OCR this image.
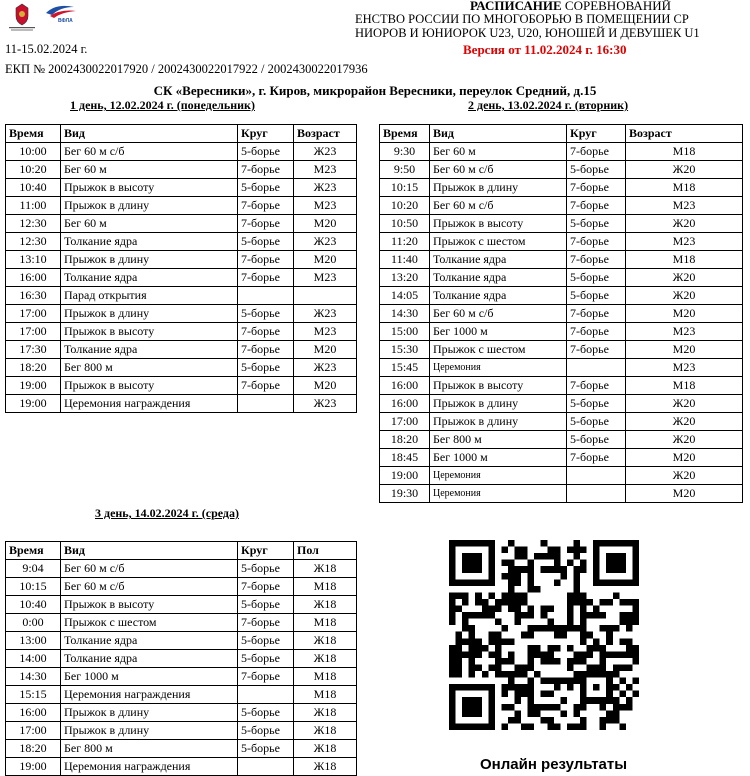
ВФЛА
РАСПИСАНИЕ СОРЕВНОВАНИЙ
ЕНСТВО РОССИИ ПО МНОГОБОРЬЮ В ПОМЕЩЕНИИ СР
НИОРОВ И ЮНИОРОК U23, U20, ЮНОШЕЙ И ДЕВУШЕК U1
11-15.02.2024 г.	Версия от 11.02.2024 г. 16:30
ЕКП № 2002430022017920 / 2002430022017922 / 2002430022017936
СК «Вересники», г. Киров, микрорайон Вересники, переулок Средний, д.15
1 день, 12.02.2024 г. (понедельник)	2 день, 13.02.2024 г. (вторник)
3 день, 14.02.2024 г. (среда)
Время	Вид	Круг	Возраст
10:00	Бег 60 м с/б	5-борье	Ж23
10:20	Бег 60 м	7-борье	М23
10:40	Прыжок в высоту	5-борье	Ж23
11:00	Прыжок в длину	7-борье	М23
12:30	Бег 60 м	7-борье	М20
12:30	Толкание ядра	5-борье	Ж23
13:10	Прыжок в длину	7-борье	М20
16:00	Толкание ядра	7-борье	М23
16:30	Парад открытия		
17:00	Прыжок в длину	5-борье	Ж23
17:00	Прыжок в высоту	7-борье	М23
17:30	Толкание ядра	7-борье	М20
18:20	Бег 800 м	5-борье	Ж23
19:00	Прыжок в высоту	7-борье	М20
19:00	Церемония награждения		Ж23
Время	Вид	Круг	Возраст
9:30	Бег 60 м	7-борье	М18
9:50	Бег 60 м с/б	5-борье	Ж20
10:15	Прыжок в длину	7-борье	М18
10:20	Бег 60 м с/б	7-борье	М23
10:50	Прыжок в высоту	5-борье	Ж20
11:20	Прыжок с шестом	7-борье	М23
11:40	Толкание ядра	7-борье	М18
13:20	Толкание ядра	5-борье	Ж20
14:05	Толкание ядра	5-борье	Ж20
14:30	Бег 60 м с/б	7-борье	М20
15:00	Бег 1000 м	7-борье	М23
15:30	Прыжок с шестом	7-борье	М20
15:45	Церемония		М23
16:00	Прыжок в высоту	7-борье	М18
16:00	Прыжок в длину	5-борье	Ж20
17:00	Прыжок в длину	5-борье	Ж20
18:20	Бег 800 м	5-борье	Ж20
18:45	Бег 1000 м	7-борье	М20
19:00	Церемония		Ж20
19:30	Церемония		М20
Время	Вид	Круг	Пол
9:04	Бег 60 м с/б	5-борье	Ж18
10:15	Бег 60 м с/б	7-борье	М18
10:40	Прыжок в высоту	5-борье	Ж18
0:00	Прыжок с шестом	7-борье	М18
13:00	Толкание ядра	5-борье	Ж18
14:00	Толкание ядра	5-борье	Ж18
14:30	Бег 1000 м	7-борье	М18
15:15	Церемония награждения		М18
16:00	Прыжок в длину	5-борье	Ж18
17:00	Прыжок в длину	5-борье	Ж18
18:20	Бег 800 м	5-борье	Ж18
19:00	Церемония награждения		Ж18	Онлайн результаты
